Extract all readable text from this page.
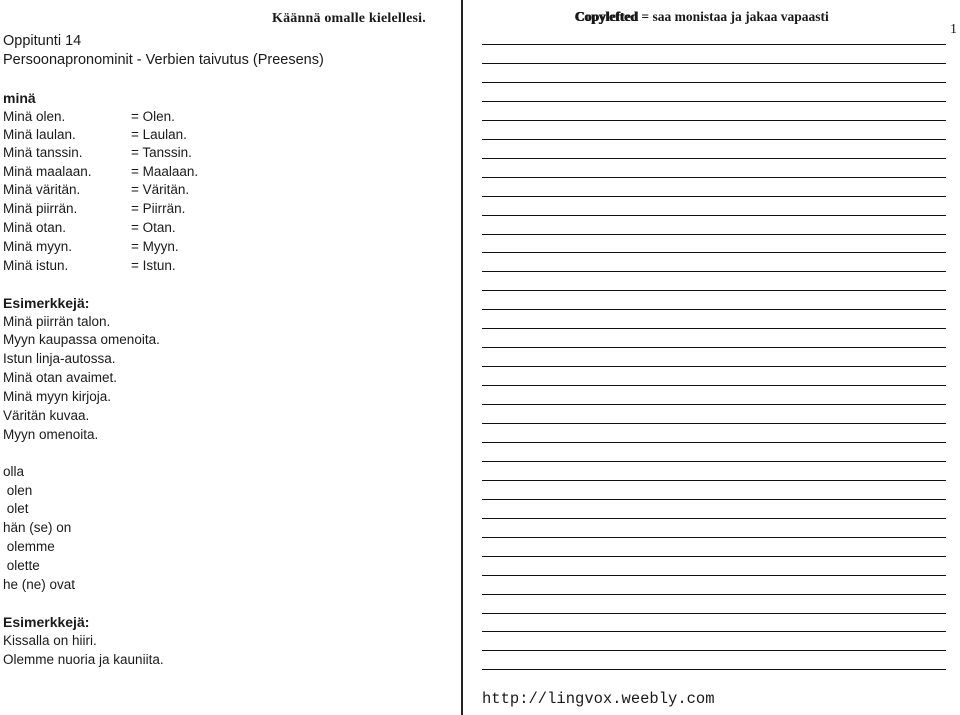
Käännä omalle kielellesi.	Copylefted = saa monistaa ja jakaa vapaasti
1
Oppitunti 14
Persoonapronominit - Verbien taivutus (Preesens)
minä
Minä olen.	= Olen.
Minä laulan.	= Laulan.
Minä tanssin.	= Tanssin.
Minä maalaan.	= Maalaan.
Minä väritän.	= Väritän.
Minä piirrän.	= Piirrän.
Minä otan.	= Otan.
Minä myyn.	= Myyn.
Minä istun.	= Istun.
Esimerkkejä:
Minä piirrän talon.
Myyn kaupassa omenoita.
Istun linja-autossa.
Minä otan avaimet.
Minä myyn kirjoja.
Väritän kuvaa.
Myyn omenoita.
olla
olen
olet
hän (se) on
olemme
olette
he (ne) ovat
Esimerkkejä:
Kissalla on hiiri.
Olemme nuoria ja kauniita.
http://lingvox.weebly.com
